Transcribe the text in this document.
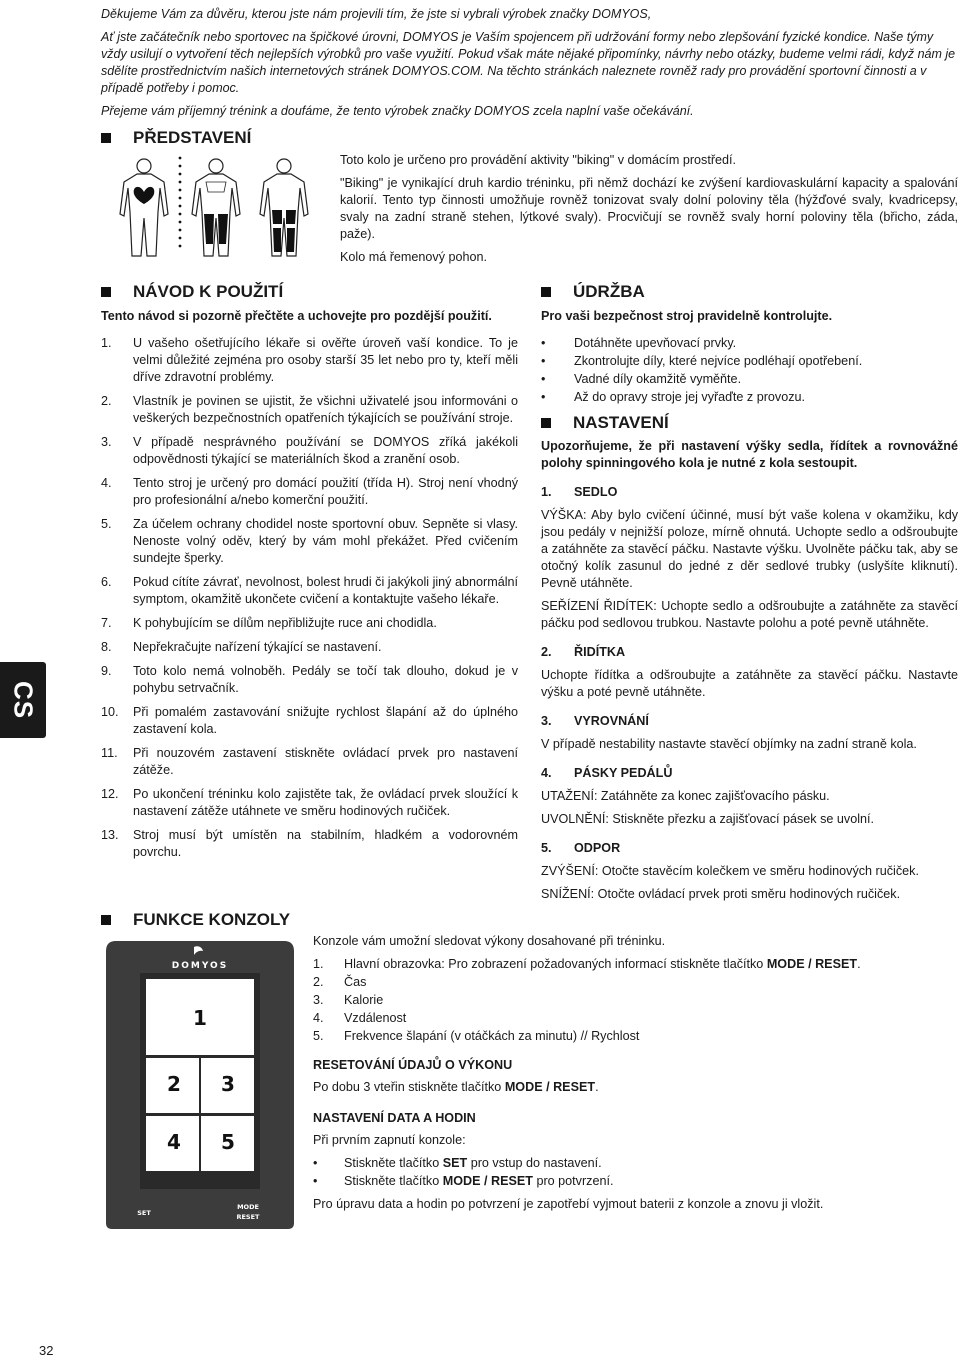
Děkujeme Vám za důvěru, kterou jste nám projevili tím, že jste si vybrali výrobek značky DOMYOS,

Ať jste začátečník nebo sportovec na špičkové úrovni, DOMYOS je Vaším spojencem při udržování formy nebo zlepšování fyzické kondice. Naše týmy vždy usilují o vytvoření těch nejlepších výrobků pro vaše využití. Pokud však máte nějaké připomínky, návrhy nebo otázky, budeme velmi rádi, když nám je sdělíte prostřednictvím našich internetových stránek DOMYOS.COM. Na těchto stránkách naleznete rovněž rady pro provádění sportovní činnosti a v případě potřeby i pomoc.

Přejeme vám příjemný trénink a doufáme, že tento výrobek značky DOMYOS zcela naplní vaše očekávání.

CS
PŘEDSTAVENÍ

Toto kolo je určeno pro provádění aktivity "biking" v domácím prostředí.

"Biking" je vynikající druh kardio tréninku, při němž dochází ke zvýšení kardiovaskulární kapacity a spalování kalorií. Tento typ činnosti umožňuje rovněž tonizovat svaly dolní poloviny těla (hýžďové svaly, kvadricepsy, svaly na zadní straně stehen, lýtkové svaly). Procvičují se rovněž svaly horní poloviny těla (břicho, záda, paže).

Kolo má řemenový pohon.

NÁVOD K POUŽITÍ
Tento návod si pozorně přečtěte a uchovejte pro pozdější použití.
1.	U vašeho ošetřujícího lékaře si ověřte úroveň vaší kondice. To je velmi důležité zejména pro osoby starší 35 let nebo pro ty, kteří měli dříve zdravotní problémy.
2.	Vlastník je povinen se ujistit, že všichni uživatelé jsou informováni o veškerých bezpečnostních opatřeních týkajících se používání stroje.
3.	V případě nesprávného používání se DOMYOS zříká jakékoli odpovědnosti týkající se materiálních škod a zranění osob.
4.	Tento stroj je určený pro domácí použití (třída H). Stroj není vhodný pro profesionální a/nebo komerční použití.
5.	Za účelem ochrany chodidel noste sportovní obuv. Sepněte si vlasy. Nenoste volný oděv, který by vám mohl překážet. Před cvičením sundejte šperky.
6.	Pokud cítíte závrať, nevolnost, bolest hrudi či jakýkoli jiný abnormální symptom, okamžitě ukončete cvičení a kontaktujte vašeho lékaře.
7.	K pohybujícím se dílům nepřibližujte ruce ani chodidla.
8.	Nepřekračujte nařízení týkající se nastavení.
9.	Toto kolo nemá volnoběh. Pedály se točí tak dlouho, dokud je v pohybu setrvačník.
10.	Při pomalém zastavování snižujte rychlost šlapání až do úplného zastavení kola.
11.	Při nouzovém zastavení stiskněte ovládací prvek pro nastavení zátěže.
12.	Po ukončení tréninku kolo zajistěte tak, že ovládací prvek sloužící k nastavení zátěže utáhnete ve směru hodinových ručiček.
13.	Stroj musí být umístěn na stabilním, hladkém a vodorovném povrchu.
ÚDRŽBA
Pro vaši bezpečnost stroj pravidelně kontrolujte.
•	Dotáhněte upevňovací prvky.
•	Zkontrolujte díly, které nejvíce podléhají opotřebení.
•	Vadné díly okamžitě vyměňte.
•	Až do opravy stroje jej vyřaďte z provozu.
NASTAVENÍ
Upozorňujeme, že při nastavení výšky sedla, řídítek a rovnovážné polohy spinningového kola je nutné z kola sestoupit.
1.	SEDLO

VÝŠKA: Aby bylo cvičení účinné, musí být vaše kolena v okamžiku, kdy jsou pedály v nejnižší poloze, mírně ohnutá. Uchopte sedlo a odšroubujte a zatáhněte za stavěcí páčku. Nastavte výšku. Uvolněte páčku tak, aby se otočný kolík zasunul do jedné z děr sedlové trubky (uslyšíte kliknutí). Pevně utáhněte.

SEŘÍZENÍ ŘIDÍTEK: Uchopte sedlo a odšroubujte a zatáhněte za stavěcí páčku pod sedlovou trubkou. Nastavte polohu a poté pevně utáhněte.

2.	ŘIDÍTKA

Uchopte řídítka a odšroubujte a zatáhněte za stavěcí páčku. Nastavte výšku a poté pevně utáhněte.

3.	VYROVNÁNÍ

V případě nestability nastavte stavěcí objímky na zadní straně kola.

4.	PÁSKY PEDÁLŮ

UTAŽENÍ: Zatáhněte za konec zajišťovacího pásku.

UVOLNĚNÍ: Stiskněte přezku a zajišťovací pásek se uvolní.

5.	ODPOR

ZVÝŠENÍ: Otočte stavěcím kolečkem ve směru hodinových ručiček.

SNÍŽENÍ: Otočte ovládací prvek proti směru hodinových ručiček.

FUNKCE KONZOLY
DOMYOS
1
2 3
4 5
SET
MODE
RESET

Konzole vám umožní sledovat výkony dosahované při tréninku.

1.	Hlavní obrazovka: Pro zobrazení požadovaných informací stiskněte tlačítko MODE / RESET.
2.	Čas
3.	Kalorie
4.	Vzdálenost
5.	Frekvence šlapání (v otáčkách za minutu) // Rychlost
RESETOVÁNÍ ÚDAJŮ O VÝKONU

Po dobu 3 vteřin stiskněte tlačítko MODE / RESET.

NASTAVENÍ DATA A HODIN

Při prvním zapnutí konzole:

•	Stiskněte tlačítko SET pro vstup do nastavení.
•	Stiskněte tlačítko MODE / RESET pro potvrzení.

Pro úpravu data a hodin po potvrzení je zapotřebí vyjmout baterii z konzole a znovu ji vložit.

32
